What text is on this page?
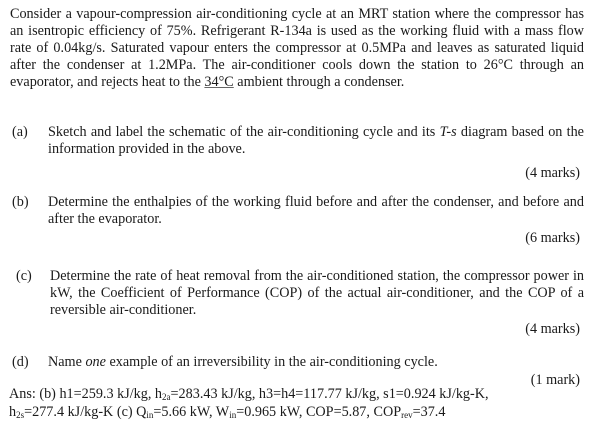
Consider a vapour-compression air-conditioning cycle at an MRT station where the compressor has an isentropic efficiency of 75%. Refrigerant R-134a is used as the working fluid with a mass flow rate of 0.04kg/s. Saturated vapour enters the compressor at 0.5MPa and leaves as saturated liquid after the condenser at 1.2MPa. The air-conditioner cools down the station to 26°C through an evaporator, and rejects heat to the 34°C ambient through a condenser.

(a) Sketch and label the schematic of the air-conditioning cycle and its T-s diagram based on the information provided in the above.
(4 marks)
(b) Determine the enthalpies of the working fluid before and after the condenser, and before and after the evaporator.
(6 marks)
(c) Determine the rate of heat removal from the air-conditioned station, the compressor power in kW, the Coefficient of Performance (COP) of the actual air-conditioner, and the COP of a reversible air-conditioner.
(4 marks)
(d) Name one example of an irreversibility in the air-conditioning cycle.
(1 mark)

Ans: (b) h1=259.3 kJ/kg, $h_{2a}=283.43$ kJ/kg, h3=h4=117.77 kJ/kg, s1=0.924 kJ/kg-K,
$h_{2s}=277.4$ kJ/kg-K (c) $Q_{in}=5.66$ kW, $W_{in}=0.965$ kW, COP=5.87, $COP_{rev}=37.4$
